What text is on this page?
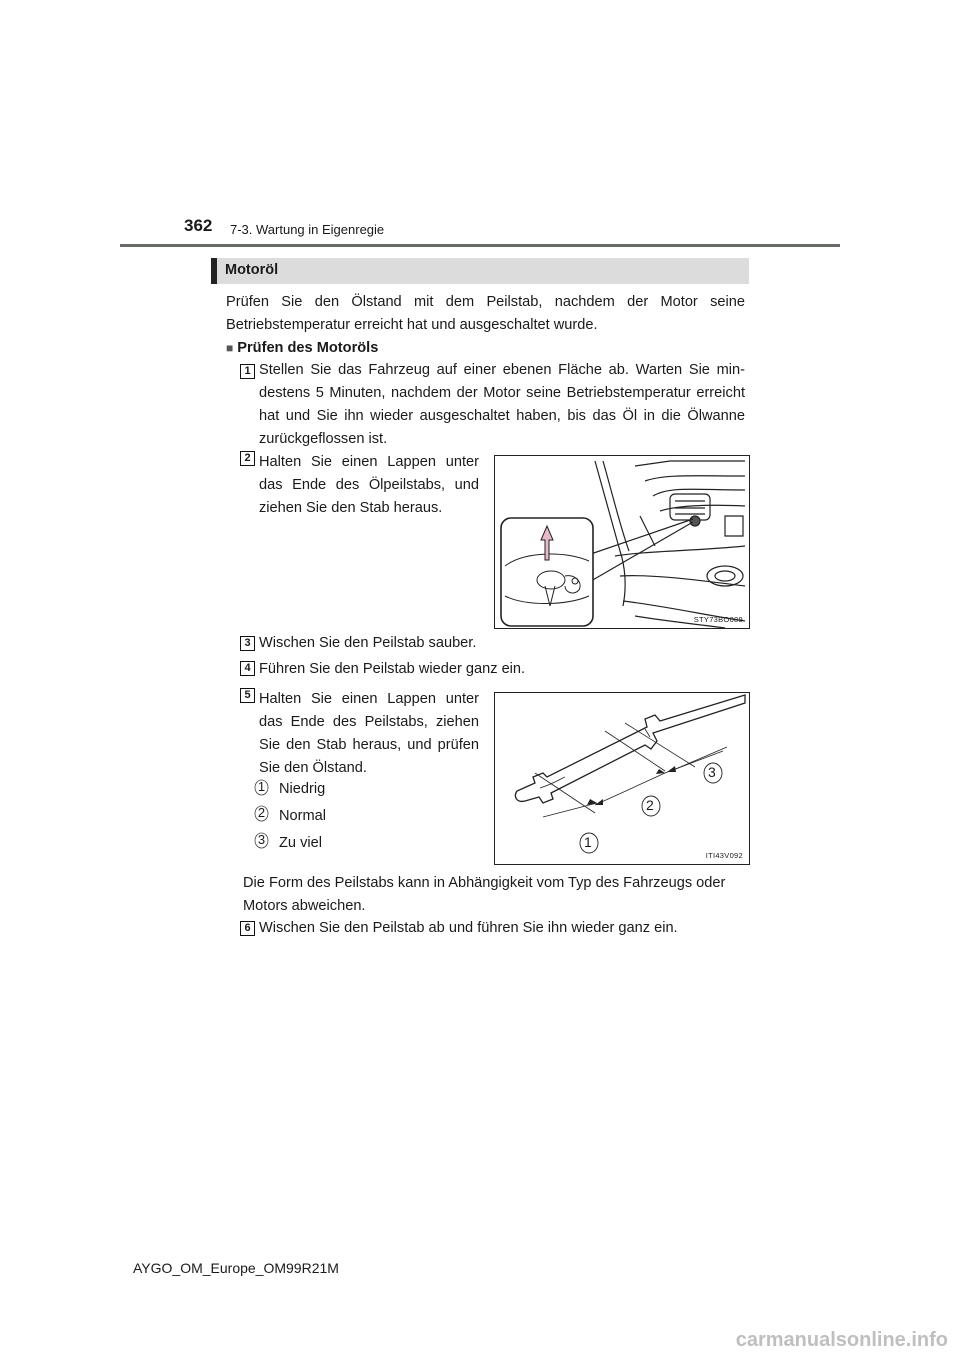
362 7-3. Wartung in Eigenregie
Motoröl
Prüfen Sie den Ölstand mit dem Peilstab, nachdem der Motor seine Betriebstemperatur erreicht hat und ausgeschaltet wurde.
■ Prüfen des Motoröls
1 Stellen Sie das Fahrzeug auf einer ebenen Fläche ab. Warten Sie min-destens 5 Minuten, nachdem der Motor seine Betriebstemperatur erreicht hat und Sie ihn wieder ausgeschaltet haben, bis das Öl in die Ölwanne zurückgeflossen ist.
2 Halten Sie einen Lappen unter das Ende des Ölpeilstabs, und ziehen Sie den Stab heraus.
STY73BO089
3 Wischen Sie den Peilstab sauber.
4 Führen Sie den Peilstab wieder ganz ein.
5 Halten Sie einen Lappen unter das Ende des Peilstabs, ziehen Sie den Stab heraus, und prüfen Sie den Ölstand.
1 Niedrig
2 Normal
3 Zu viel	1
2
3
ITI43V092
Die Form des Peilstabs kann in Abhängigkeit vom Typ des Fahrzeugs oder Motors abweichen.
6 Wischen Sie den Peilstab ab und führen Sie ihn wieder ganz ein.
AYGO_OM_Europe_OM99R21M
carmanualsonline.info
